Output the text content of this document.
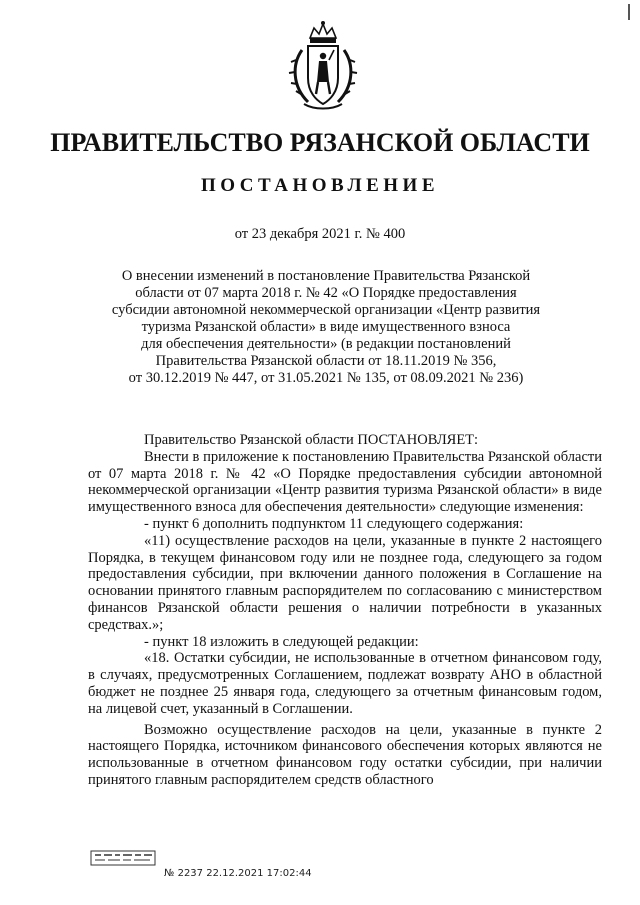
ПРАВИТЕЛЬСТВО РЯЗАНСКОЙ ОБЛАСТИ
ПОСТАНОВЛЕНИЕ
от 23 декабря 2021 г. № 400
О внесении изменений в постановление Правительства Рязанской
области от 07 марта 2018 г. № 42 «О Порядке предоставления
субсидии автономной некоммерческой организации «Центр развития
туризма Рязанской области» в виде имущественного взноса
для обеспечения деятельности» (в редакции постановлений
Правительства Рязанской области от 18.11.2019 № 356,
от 30.12.2019 № 447, от 31.05.2021 № 135, от 08.09.2021 № 236)
Правительство Рязанской области ПОСТАНОВЛЯЕТ:
Внести в приложение к постановлению Правительства Рязанской области от 07 марта 2018 г. № 42 «О Порядке предоставления субсидии автономной некоммерческой организации «Центр развития туризма Рязанской области» в виде имущественного взноса для обеспечения деятельности» следующие изменения:
- пункт 6 дополнить подпунктом 11 следующего содержания:
«11) осуществление расходов на цели, указанные в пункте 2 настоящего Порядка, в текущем финансовом году или не позднее года, следующего за годом предоставления субсидии, при включении данного положения в Соглашение на основании принятого главным распорядителем по согласованию с министерством финансов Рязанской области решения о наличии потребности в указанных средствах.»;
- пункт 18 изложить в следующей редакции:
«18. Остатки субсидии, не использованные в отчетном финансовом году, в случаях, предусмотренных Соглашением, подлежат возврату АНО в областной бюджет не позднее 25 января года, следующего за отчетным финансовым годом, на лицевой счет, указанный в Соглашении.
Возможно осуществление расходов на цели, указанные в пункте 2 настоящего Порядка, источником финансового обеспечения которых являются не использованные в отчетном финансовом году остатки субсидии, при наличии принятого главным распорядителем средств областного
№ 2237 22.12.2021 17:02:44
